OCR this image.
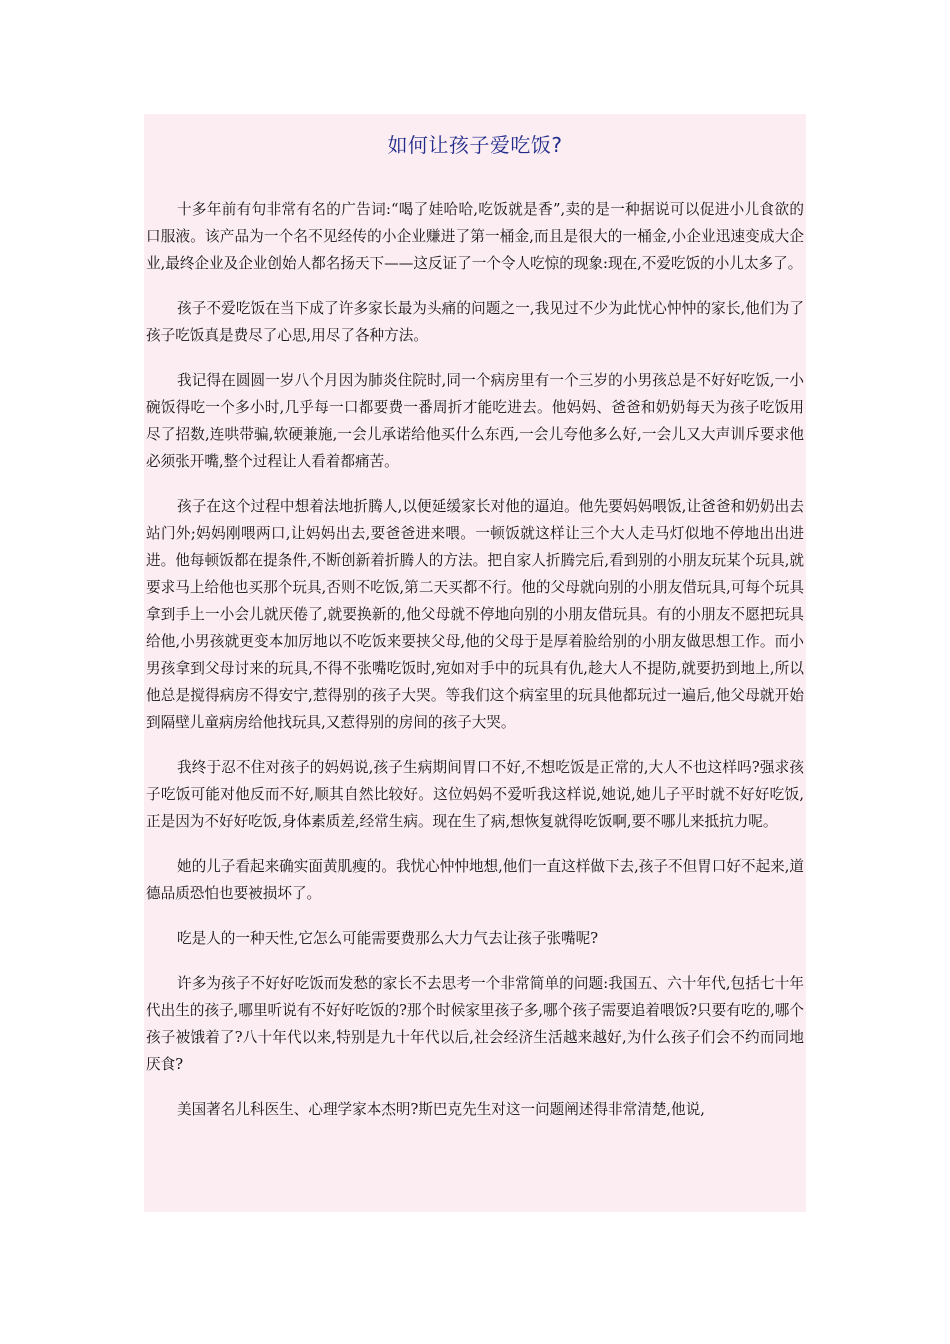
如何让孩子爱吃饭?

十多年前有句非常有名的广告词:“喝了娃哈哈,吃饭就是香”,卖的是一种据说可以促进小儿食欲的口服液。该产品为一个名不见经传的小企业赚进了第一桶金,而且是很大的一桶金,小企业迅速变成大企业,最终企业及企业创始人都名扬天下——这反证了一个令人吃惊的现象:现在,不爱吃饭的小儿太多了。

孩子不爱吃饭在当下成了许多家长最为头痛的问题之一,我见过不少为此忧心忡忡的家长,他们为了孩子吃饭真是费尽了心思,用尽了各种方法。

我记得在圆圆一岁八个月因为肺炎住院时,同一个病房里有一个三岁的小男孩总是不好好吃饭,一小碗饭得吃一个多小时,几乎每一口都要费一番周折才能吃进去。他妈妈、爸爸和奶奶每天为孩子吃饭用尽了招数,连哄带骗,软硬兼施,一会儿承诺给他买什么东西,一会儿夸他多么好,一会儿又大声训斥要求他必须张开嘴,整个过程让人看着都痛苦。

孩子在这个过程中想着法地折腾人,以便延缓家长对他的逼迫。他先要妈妈喂饭,让爸爸和奶奶出去站门外;妈妈刚喂两口,让妈妈出去,要爸爸进来喂。一顿饭就这样让三个大人走马灯似地不停地出出进进。他每顿饭都在提条件,不断创新着折腾人的方法。把自家人折腾完后,看到别的小朋友玩某个玩具,就要求马上给他也买那个玩具,否则不吃饭,第二天买都不行。他的父母就向别的小朋友借玩具,可每个玩具拿到手上一小会儿就厌倦了,就要换新的,他父母就不停地向别的小朋友借玩具。有的小朋友不愿把玩具给他,小男孩就更变本加厉地以不吃饭来要挟父母,他的父母于是厚着脸给别的小朋友做思想工作。而小男孩拿到父母讨来的玩具,不得不张嘴吃饭时,宛如对手中的玩具有仇,趁大人不提防,就要扔到地上,所以他总是搅得病房不得安宁,惹得别的孩子大哭。等我们这个病室里的玩具他都玩过一遍后,他父母就开始到隔壁儿童病房给他找玩具,又惹得别的房间的孩子大哭。

我终于忍不住对孩子的妈妈说,孩子生病期间胃口不好,不想吃饭是正常的,大人不也这样吗?强求孩子吃饭可能对他反而不好,顺其自然比较好。这位妈妈不爱听我这样说,她说,她儿子平时就不好好吃饭,正是因为不好好吃饭,身体素质差,经常生病。现在生了病,想恢复就得吃饭啊,要不哪儿来抵抗力呢。

她的儿子看起来确实面黄肌瘦的。我忧心忡忡地想,他们一直这样做下去,孩子不但胃口好不起来,道德品质恐怕也要被损坏了。

吃是人的一种天性,它怎么可能需要费那么大力气去让孩子张嘴呢?

许多为孩子不好好吃饭而发愁的家长不去思考一个非常简单的问题:我国五、六十年代,包括七十年代出生的孩子,哪里听说有不好好吃饭的?那个时候家里孩子多,哪个孩子需要追着喂饭?只要有吃的,哪个孩子被饿着了?八十年代以来,特别是九十年代以后,社会经济生活越来越好,为什么孩子们会不约而同地厌食?

美国著名儿科医生、心理学家本杰明?斯巴克先生对这一问题阐述得非常清楚,他说,
